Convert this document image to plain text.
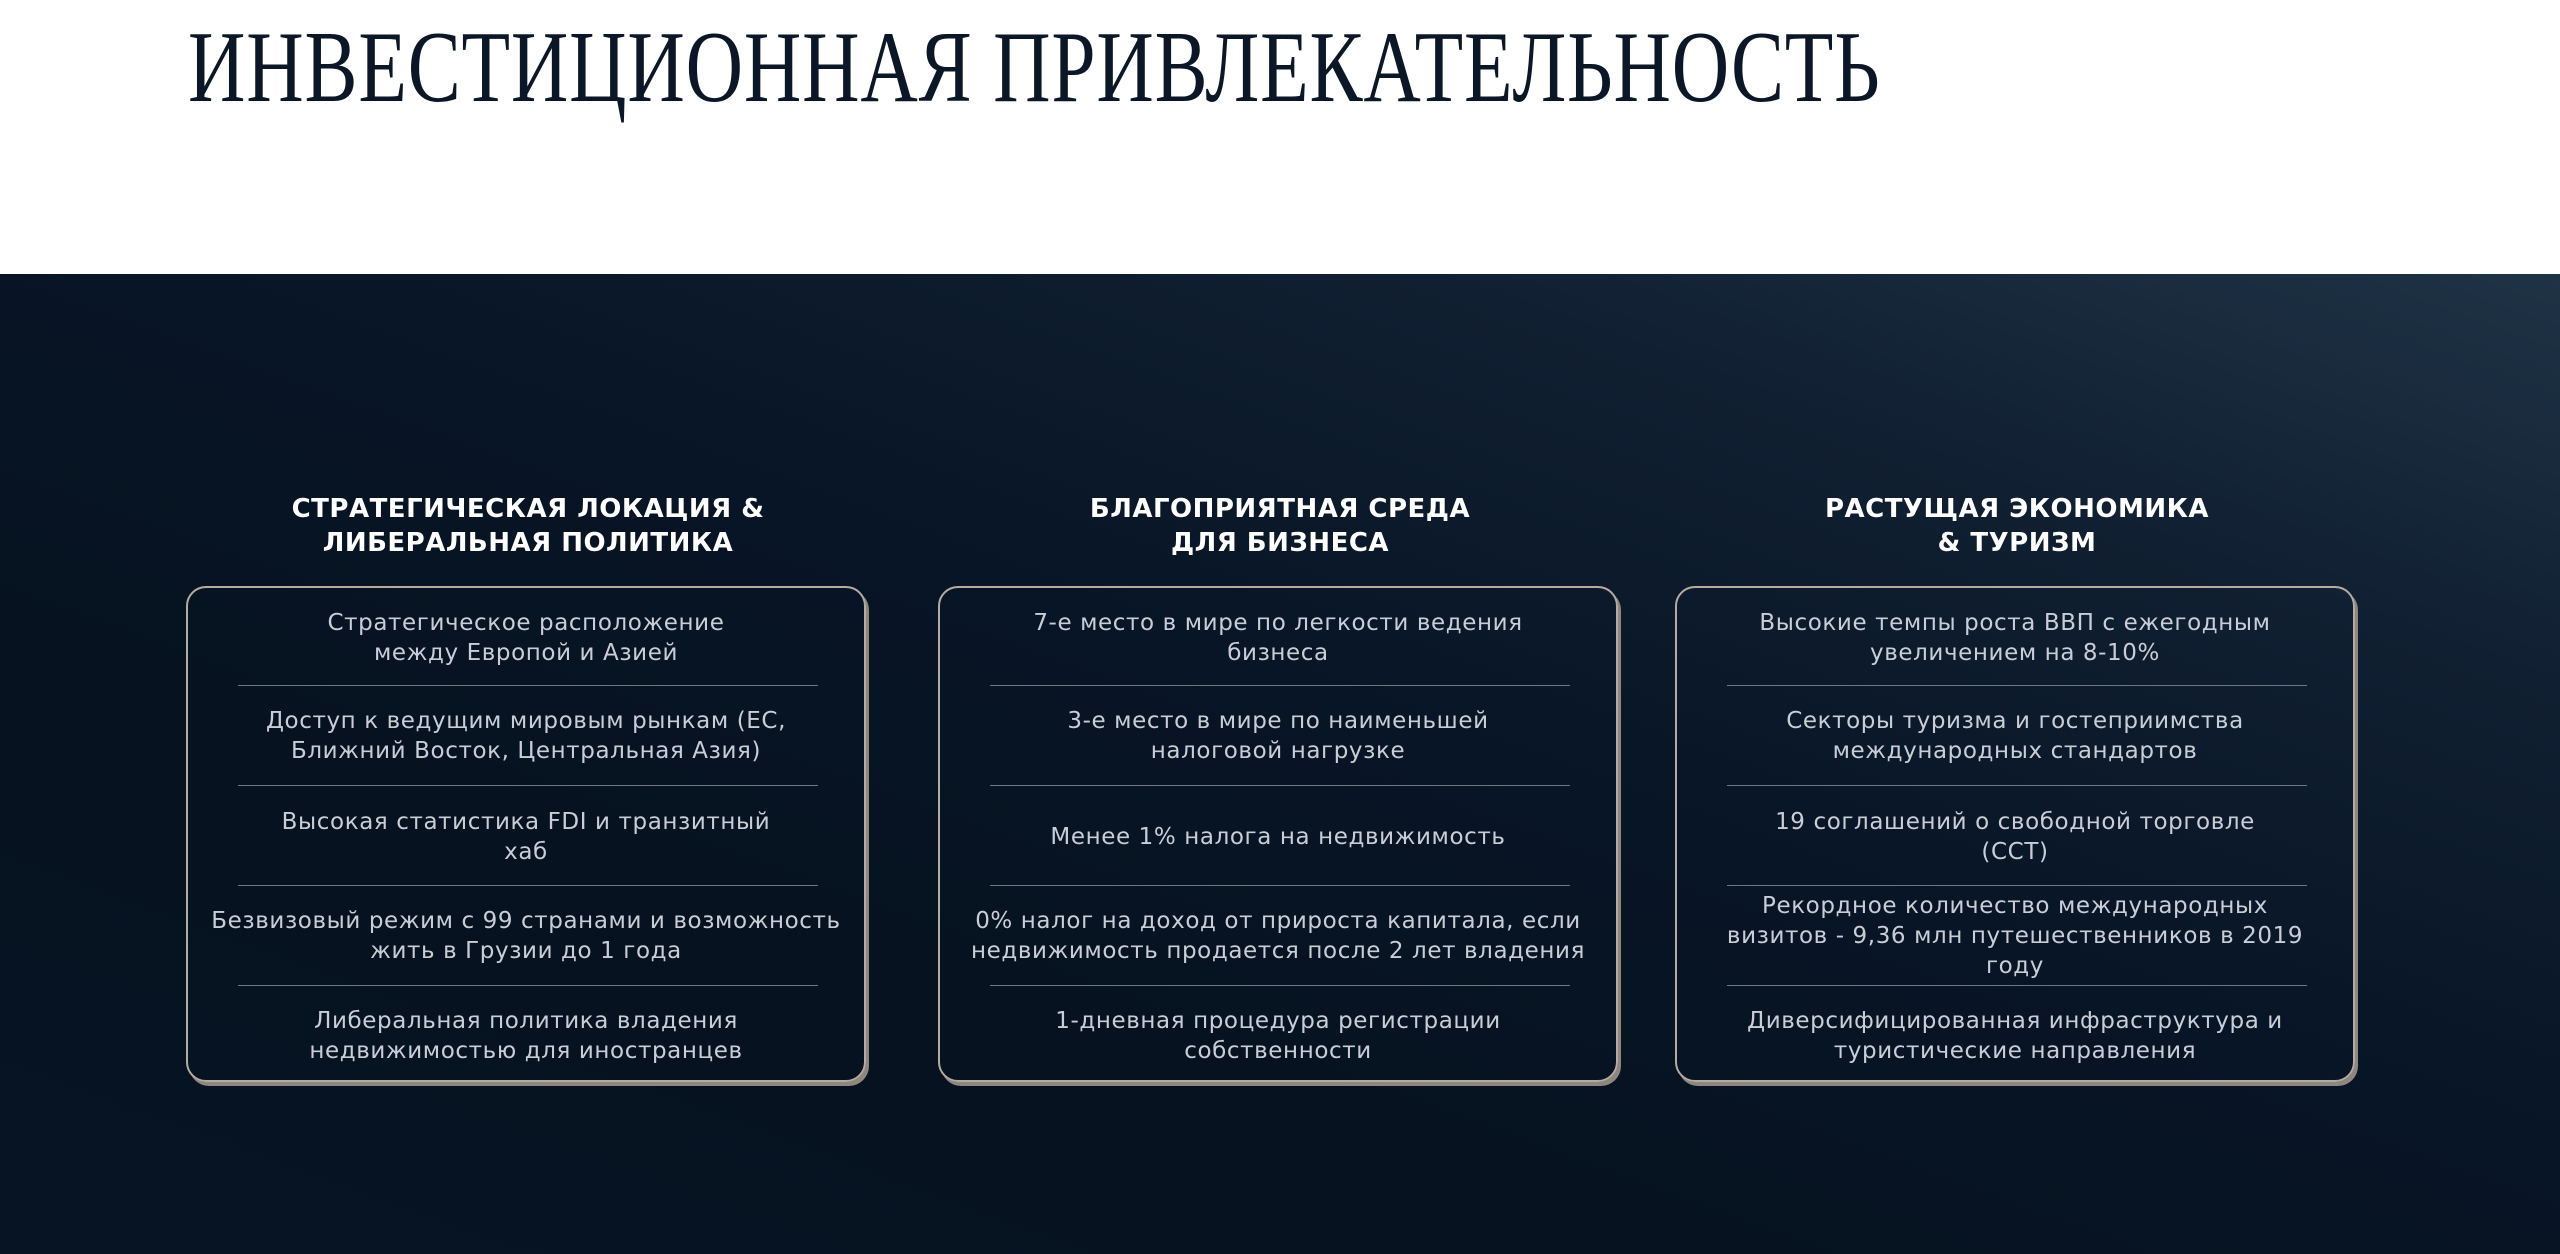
ИНВЕСТИЦИОННАЯ ПРИВЛЕКАТЕЛЬНОСТЬ
СТРАТЕГИЧЕСКАЯ ЛОКАЦИЯ &
ЛИБЕРАЛЬНАЯ ПОЛИТИКА
Стратегическое расположение
между Европой и Азией
Доступ к ведущим мировым рынкам (ЕС,
Ближний Восток, Центральная Азия)
Высокая статистика FDI и транзитный
хаб
Безвизовый режим с 99 странами и возможность
жить в Грузии до 1 года
Либеральная политика владения
недвижимостью для иностранцев
БЛАГОПРИЯТНАЯ СРЕДА
ДЛЯ БИЗНЕСА
7-е место в мире по легкости ведения
бизнеса
3-е место в мире по наименьшей
налоговой нагрузке
Менее 1% налога на недвижимость
0% налог на доход от прироста капитала, если
недвижимость продается после 2 лет владения
1-дневная процедура регистрации
собственности
РАСТУЩАЯ ЭКОНОМИКА
& ТУРИЗМ
Высокие темпы роста ВВП с ежегодным
увеличением на 8-10%
Секторы туризма и гостеприимства
международных стандартов
19 соглашений о свободной торговле
(ССТ)
Рекордное количество международных
визитов - 9,36 млн путешественников в 2019 году
Диверсифицированная инфраструктура и
туристические направления
